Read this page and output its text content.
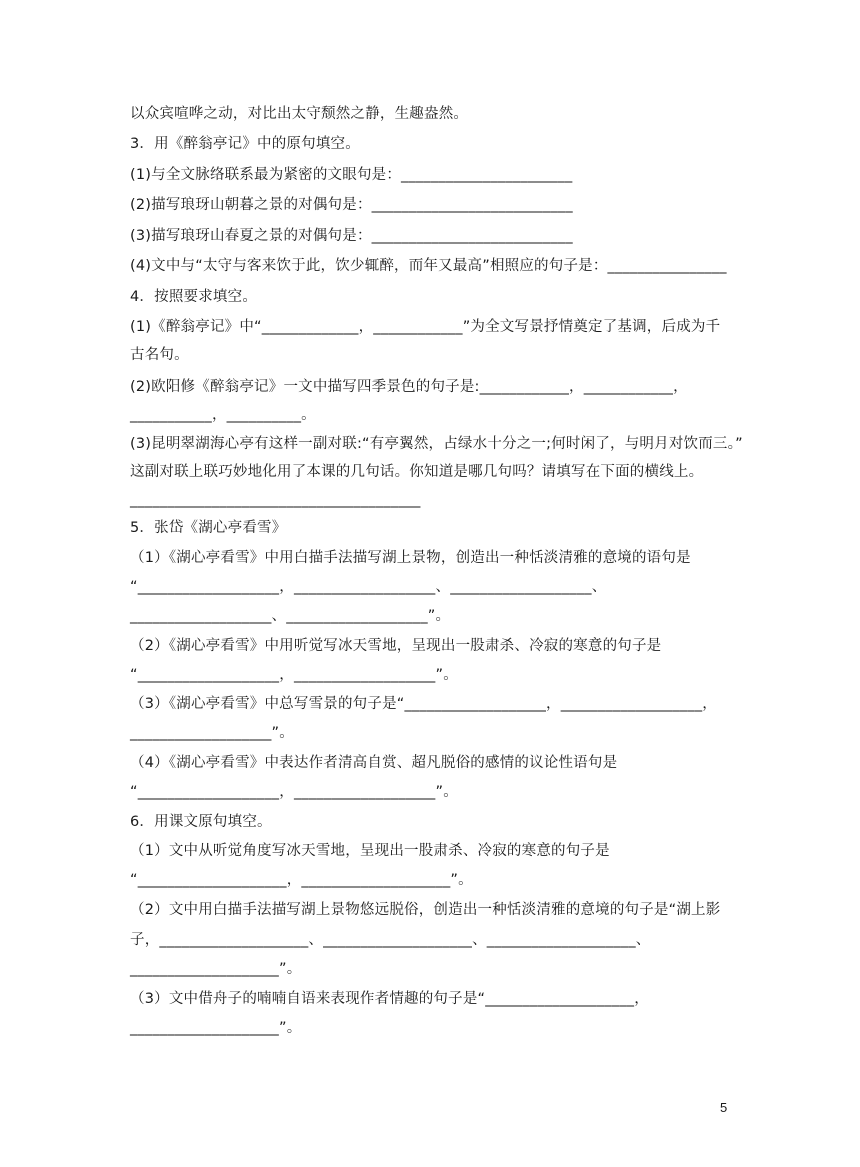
以众宾喧哗之动，对比出太守颓然之静，生趣盎然。
3．用《醉翁亭记》中的原句填空。
(1)与全文脉络联系最为紧密的文眼句是：_______________________
(2)描写琅玡山朝暮之景的对偶句是：___________________________
(3)描写琅玡山春夏之景的对偶句是：___________________________
(4)文中与“太守与客来饮于此，饮少辄醉，而年又最高”相照应的句子是：________________
4．按照要求填空。
(1)《醉翁亭记》中“_____________，____________”为全文写景抒情奠定了基调，后成为千
古名句。
(2)欧阳修《醉翁亭记》一文中描写四季景色的句子是:____________，____________，
___________，__________。
(3)昆明翠湖海心亭有这样一副对联:“有亭翼然，占绿水十分之一;何时闲了，与明月对饮而三。”
这副对联上联巧妙地化用了本课的几句话。你知道是哪几句吗？请填写在下面的横线上。
_______________________________________
5．张岱《湖心亭看雪》
（1）《湖心亭看雪》中用白描手法描写湖上景物，创造出一种恬淡清雅的意境的语句是
“___________________，___________________、___________________、
___________________、___________________”。
（2）《湖心亭看雪》中用听觉写冰天雪地，呈现出一股肃杀、冷寂的寒意的句子是
“___________________，___________________”。
（3）《湖心亭看雪》中总写雪景的句子是“___________________，___________________，
___________________”。
（4）《湖心亭看雪》中表达作者清高自赏、超凡脱俗的感情的议论性语句是
“___________________，___________________”。
6．用课文原句填空。
（1）文中从听觉角度写冰天雪地，呈现出一股肃杀、冷寂的寒意的句子是
“____________________，____________________”。
（2）文中用白描手法描写湖上景物悠远脱俗，创造出一种恬淡清雅的意境的句子是“湖上影
子，____________________、____________________、____________________、
____________________”。
（3）文中借舟子的喃喃自语来表现作者情趣的句子是“____________________，
____________________”。
5
